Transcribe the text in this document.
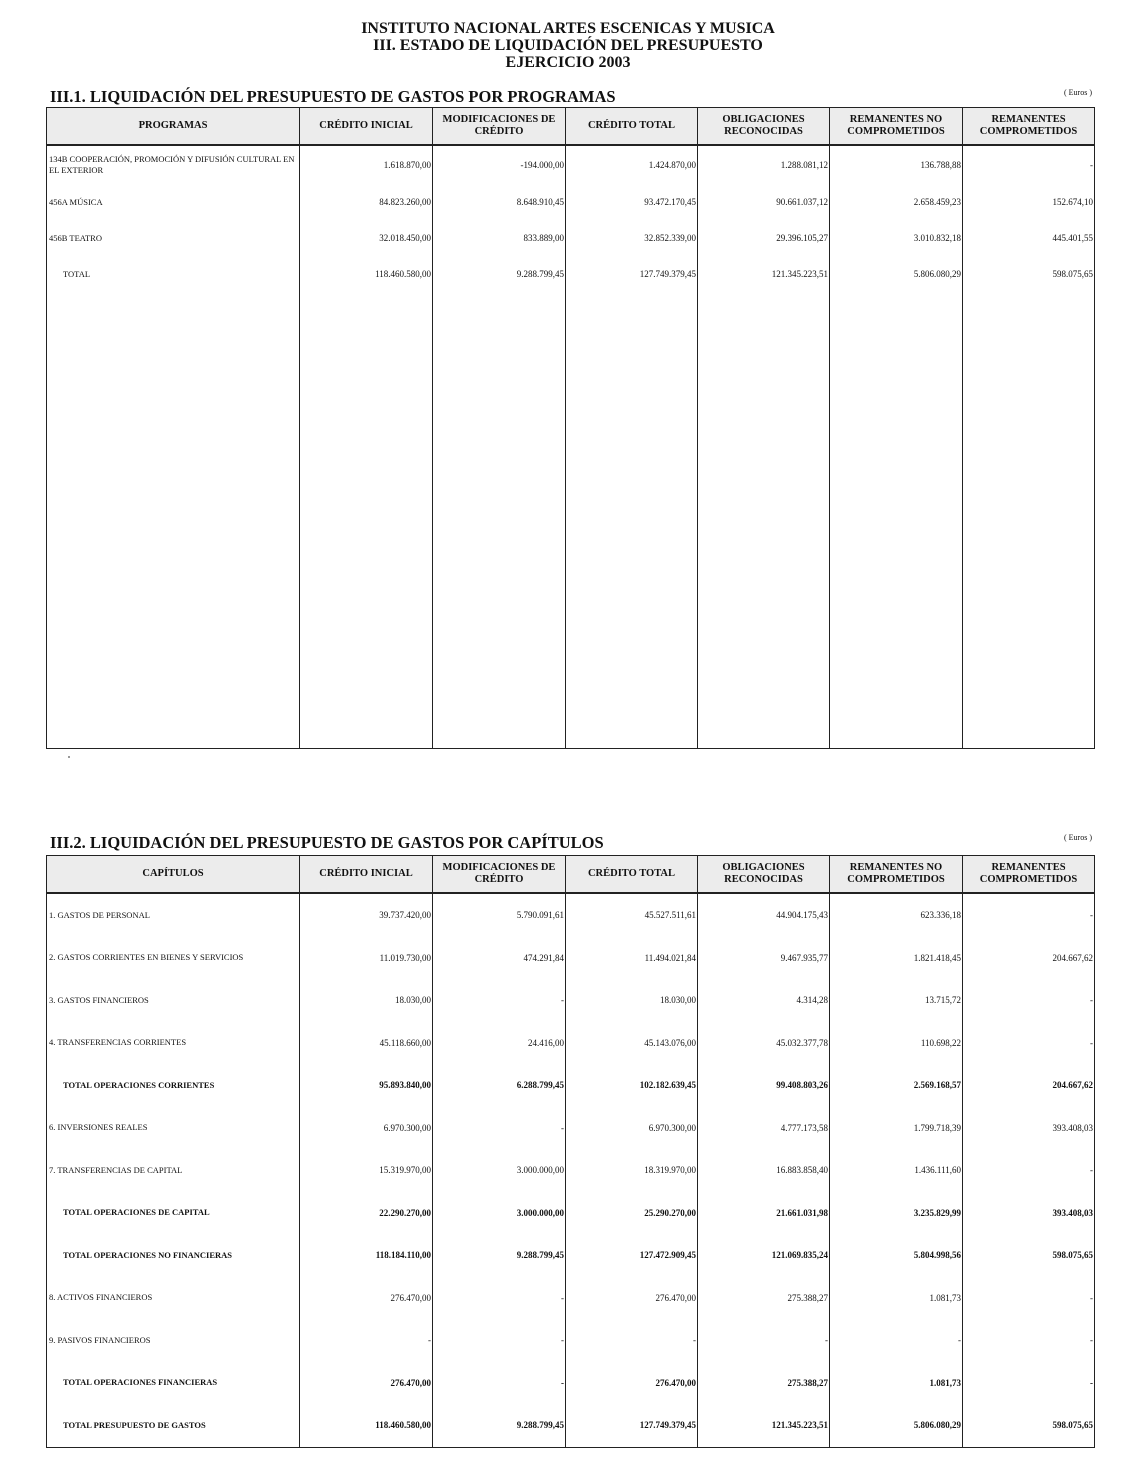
INSTITUTO NACIONAL ARTES ESCENICAS Y MUSICA
III. ESTADO DE LIQUIDACIÓN DEL PRESUPUESTO
EJERCICIO 2003
III.1. LIQUIDACIÓN DEL PRESUPUESTO DE GASTOS POR PROGRAMAS	( Euros )
PROGRAMAS	CRÉDITO INICIAL	MODIFICACIONES DE CRÉDITO	CRÉDITO TOTAL	OBLIGACIONES RECONOCIDAS	REMANENTES NO COMPROMETIDOS	REMANENTES COMPROMETIDOS
134B COOPERACIÓN, PROMOCIÓN Y DIFUSIÓN CULTURAL EN EL EXTERIOR	1.618.870,00	-194.000,00	1.424.870,00	1.288.081,12	136.788,88	-
456A MÚSICA	84.823.260,00	8.648.910,45	93.472.170,45	90.661.037,12	2.658.459,23	152.674,10
456B TEATRO	32.018.450,00	833.889,00	32.852.339,00	29.396.105,27	3.010.832,18	445.401,55
TOTAL	118.460.580,00	9.288.799,45	127.749.379,45	121.345.223,51	5.806.080,29	598.075,65

III.2. LIQUIDACIÓN DEL PRESUPUESTO DE GASTOS POR CAPÍTULOS	( Euros )
CAPÍTULOS	CRÉDITO INICIAL	MODIFICACIONES DE CRÉDITO	CRÉDITO TOTAL	OBLIGACIONES RECONOCIDAS	REMANENTES NO COMPROMETIDOS	REMANENTES COMPROMETIDOS
1. GASTOS DE PERSONAL	39.737.420,00	5.790.091,61	45.527.511,61	44.904.175,43	623.336,18	-
2. GASTOS CORRIENTES EN BIENES Y SERVICIOS	11.019.730,00	474.291,84	11.494.021,84	9.467.935,77	1.821.418,45	204.667,62
3. GASTOS FINANCIEROS	18.030,00	-	18.030,00	4.314,28	13.715,72	-
4. TRANSFERENCIAS CORRIENTES	45.118.660,00	24.416,00	45.143.076,00	45.032.377,78	110.698,22	-
TOTAL OPERACIONES CORRIENTES	95.893.840,00	6.288.799,45	102.182.639,45	99.408.803,26	2.569.168,57	204.667,62
6. INVERSIONES REALES	6.970.300,00	-	6.970.300,00	4.777.173,58	1.799.718,39	393.408,03
7. TRANSFERENCIAS DE CAPITAL	15.319.970,00	3.000.000,00	18.319.970,00	16.883.858,40	1.436.111,60	-
TOTAL OPERACIONES DE CAPITAL	22.290.270,00	3.000.000,00	25.290.270,00	21.661.031,98	3.235.829,99	393.408,03
TOTAL OPERACIONES NO FINANCIERAS	118.184.110,00	9.288.799,45	127.472.909,45	121.069.835,24	5.804.998,56	598.075,65
8. ACTIVOS FINANCIEROS	276.470,00	-	276.470,00	275.388,27	1.081,73	-
9. PASIVOS FINANCIEROS	-	-	-	-	-	-
TOTAL OPERACIONES FINANCIERAS	276.470,00	-	276.470,00	275.388,27	1.081,73	-
TOTAL PRESUPUESTO DE GASTOS	118.460.580,00	9.288.799,45	127.749.379,45	121.345.223,51	5.806.080,29	598.075,65
